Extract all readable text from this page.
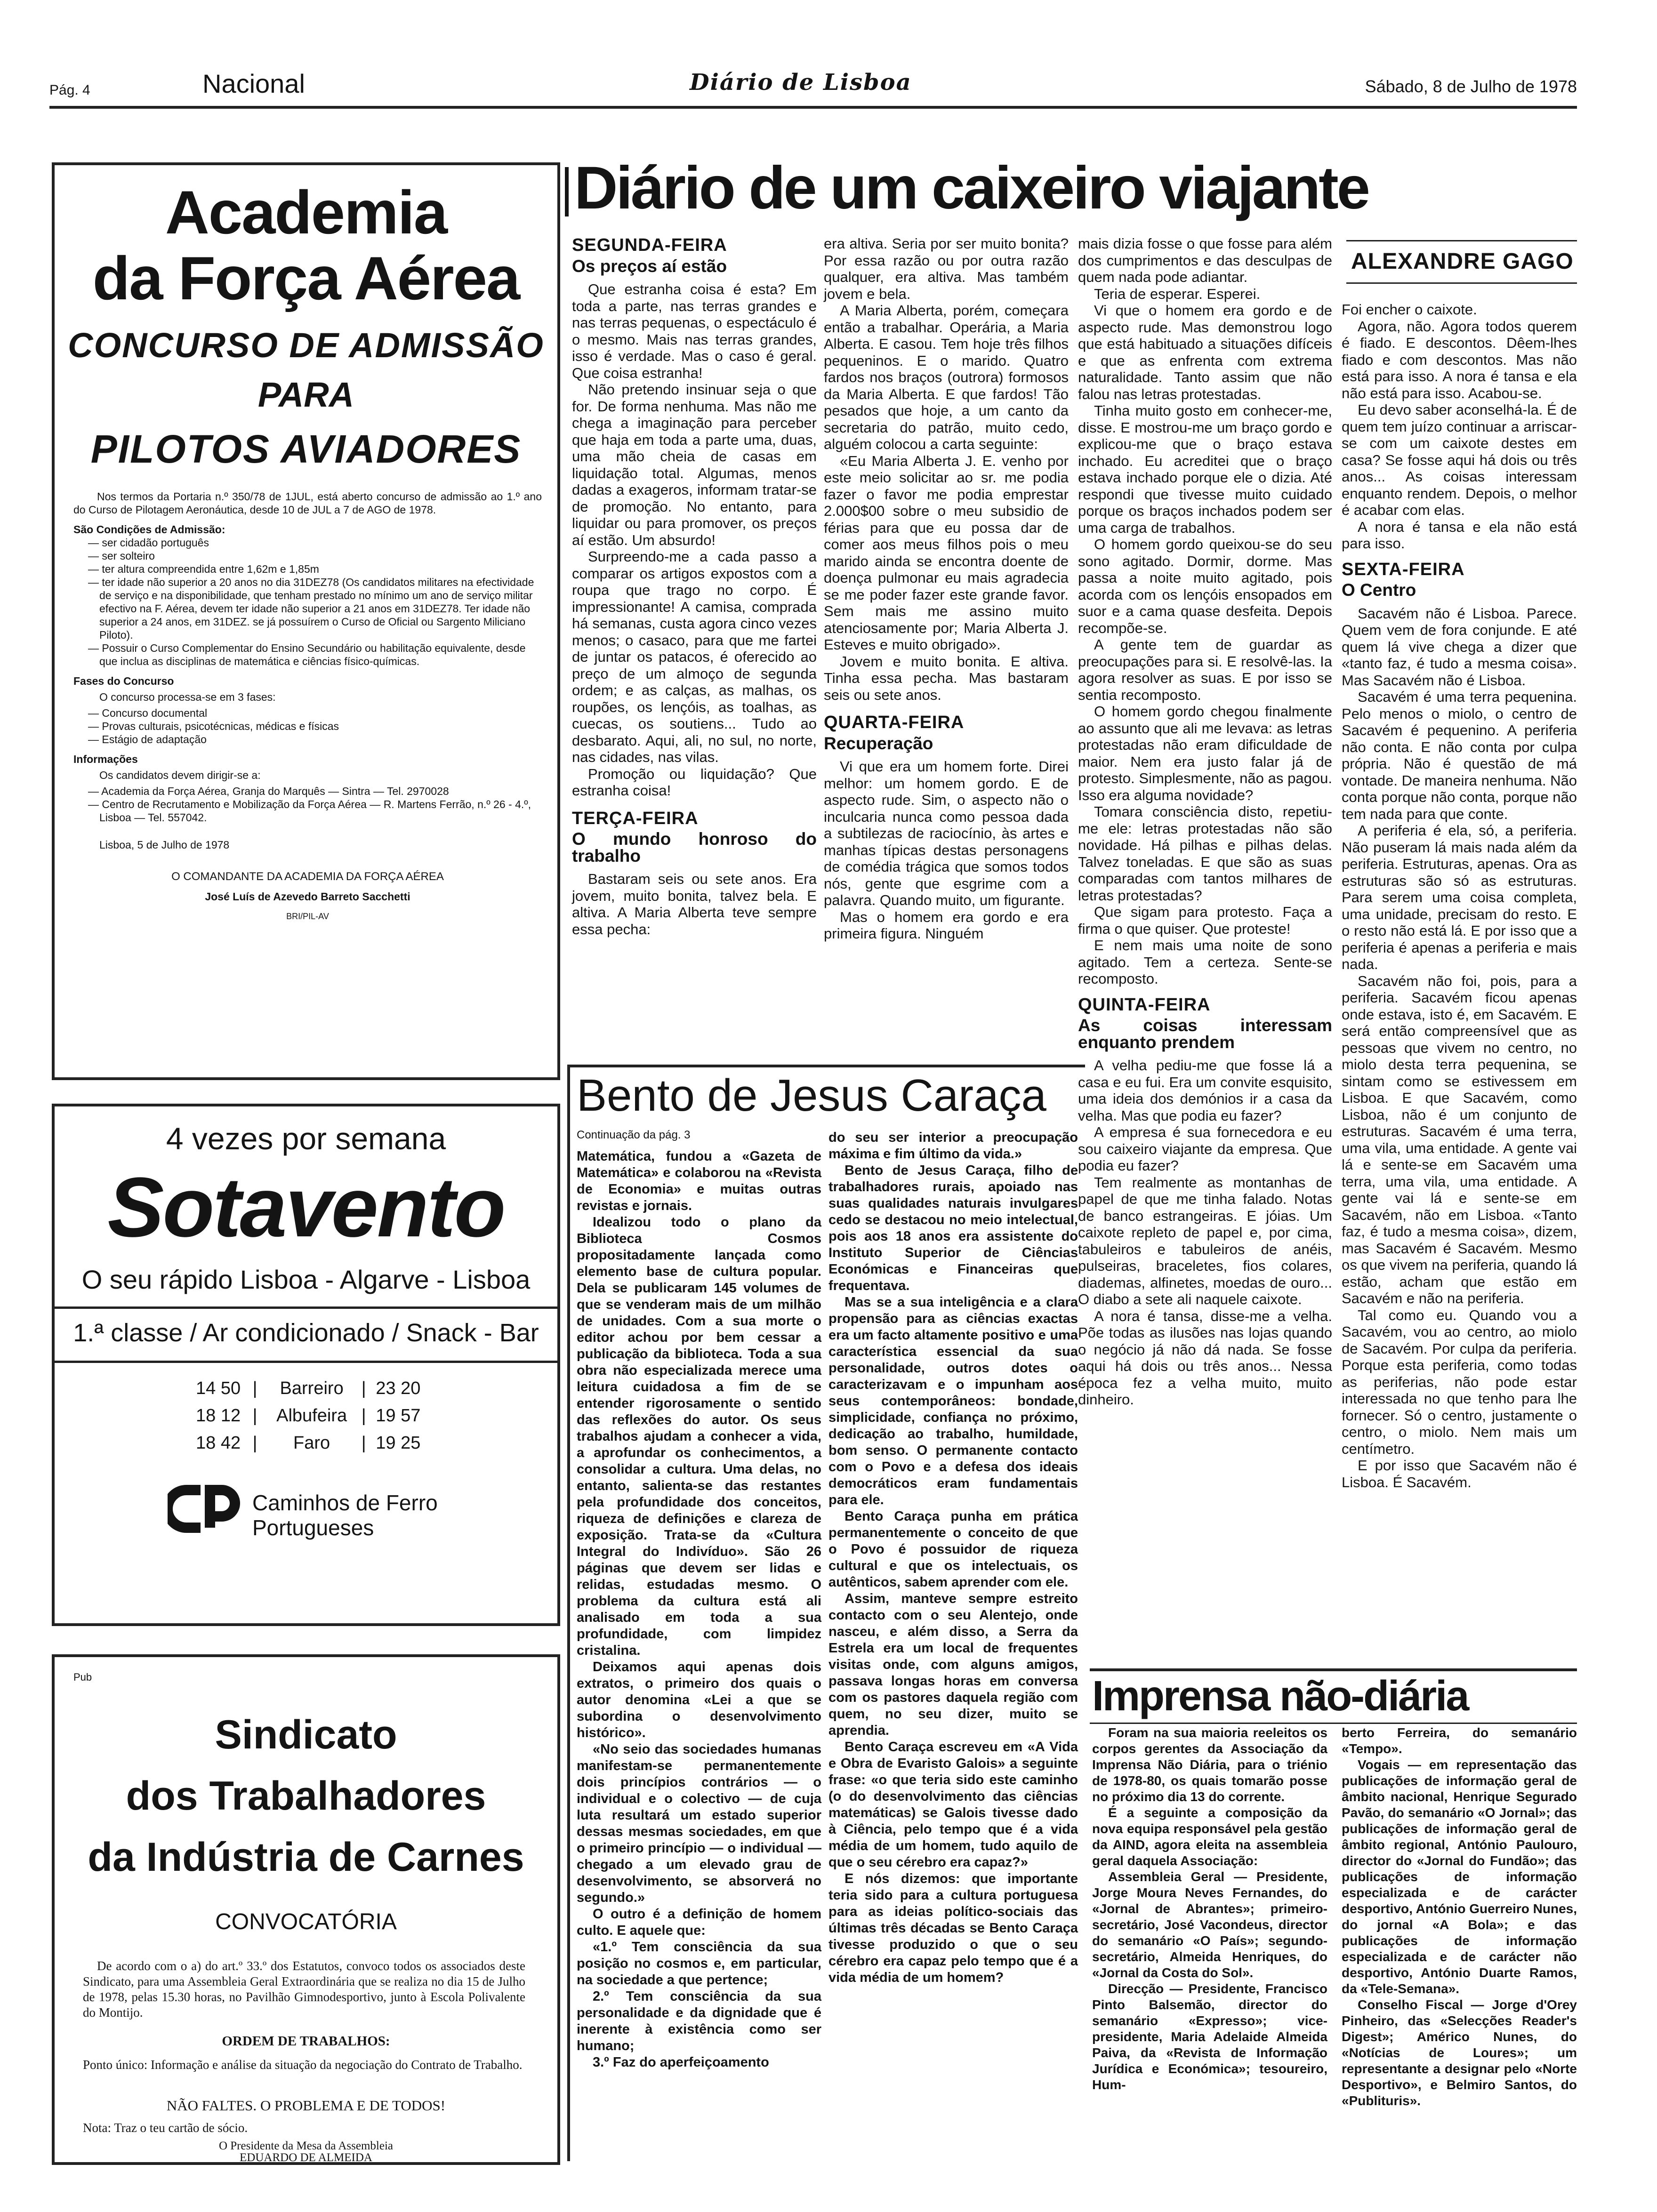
Pág. 4	Nacional	Diário de Lisboa	Sábado, 8 de Julho de 1978
Academia
da Força Aérea
CONCURSO DE ADMISSÃO
PARA
PILOTOS AVIADORES
Nos termos da Portaria n.º 350/78 de 1JUL, está aberto concurso de admissão ao 1.º ano do Curso de Pilotagem Aeronáutica, desde 10 de JUL a 7 de AGO de 1978.
São Condições de Admissão:
— ser cidadão português
— ser solteiro
— ter altura compreendida entre 1,62m e 1,85m
— ter idade não superior a 20 anos no dia 31DEZ78 (Os candidatos militares na efectividade de serviço e na disponibilidade, que tenham prestado no mínimo um ano de serviço militar efectivo na F. Aérea, devem ter idade não superior a 21 anos em 31DEZ78. Ter idade não superior a 24 anos, em 31DEZ. se já possuírem o Curso de Oficial ou Sargento Miliciano Piloto).
— Possuir o Curso Complementar do Ensino Secundário ou habilitação equivalente, desde que inclua as disciplinas de matemática e ciências físico-químicas.
Fases do Concurso
O concurso processa-se em 3 fases:
— Concurso documental
— Provas culturais, psicotécnicas, médicas e físicas
— Estágio de adaptação
Informações
Os candidatos devem dirigir-se a:
— Academia da Força Aérea, Granja do Marquês — Sintra — Tel. 2970028
— Centro de Recrutamento e Mobilização da Força Aérea — R. Martens Ferrão, n.º 26 - 4.º, Lisboa — Tel. 557042.
Lisboa, 5 de Julho de 1978
O COMANDANTE DA ACADEMIA DA FORÇA AÉREA
José Luís de Azevedo Barreto Sacchetti
BRI/PIL-AV
4 vezes por semana
Sotavento
O seu rápido Lisboa - Algarve - Lisboa
1.ª classe / Ar condicionado / Snack - Bar
14 50 | Barreiro | 23 20
18 12 | Albufeira | 19 57
18 42 | Faro | 19 25
Caminhos de Ferro
Portugueses
Pub
Sindicato
dos Trabalhadores
da Indústria de Carnes
CONVOCATÓRIA
De acordo com o a) do art.º 33.º dos Estatutos, convoco todos os associados deste Sindicato, para uma Assembleia Geral Extraordinária que se realiza no dia 15 de Julho de 1978, pelas 15.30 horas, no Pavilhão Gimnodesportivo, junto à Escola Polivalente do Montijo.
ORDEM DE TRABALHOS:
Ponto único: Informação e análise da situação da negociação do Contrato de Trabalho.
NÃO FALTES. O PROBLEMA E DE TODOS!
Nota: Traz o teu cartão de sócio.
O Presidente da Mesa da Assembleia
EDUARDO DE ALMEIDA
Diário de um caixeiro viajante
ALEXANDRE GAGO
SEGUNDA-FEIRA
Os preços aí estão

Que estranha coisa é esta? Em toda a parte, nas terras grandes e nas terras pequenas, o espectáculo é o mesmo. Mais nas terras grandes, isso é verdade. Mas o caso é geral. Que coisa estranha!

Não pretendo insinuar seja o que for. De forma nenhuma. Mas não me chega a imaginação para perceber que haja em toda a parte uma, duas, uma mão cheia de casas em liquidação total. Algumas, menos dadas a exageros, informam tratar-se de promoção. No entanto, para liquidar ou para promover, os preços aí estão. Um absurdo!

Surpreendo-me a cada passo a comparar os artigos expostos com a roupa que trago no corpo. É impressionante! A camisa, comprada há semanas, custa agora cinco vezes menos; o casaco, para que me fartei de juntar os patacos, é oferecido ao preço de um almoço de segunda ordem; e as calças, as malhas, os roupões, os lençóis, as toalhas, as cuecas, os soutiens... Tudo ao desbarato. Aqui, ali, no sul, no norte, nas cidades, nas vilas.

Promoção ou liquidação? Que estranha coisa!

TERÇA-FEIRA
O mundo honroso do trabalho

Bastaram seis ou sete anos. Era jovem, muito bonita, talvez bela. E altiva. A Maria Alberta teve sempre essa pecha:

era altiva. Seria por ser muito bonita? Por essa razão ou por outra razão qualquer, era altiva. Mas também jovem e bela.

A Maria Alberta, porém, começara então a trabalhar. Operária, a Maria Alberta. E casou. Tem hoje três filhos pequeninos. E o marido. Quatro fardos nos braços (outrora) formosos da Maria Alberta. E que fardos! Tão pesados que hoje, a um canto da secretaria do patrão, muito cedo, alguém colocou a carta seguinte:

«Eu Maria Alberta J. E. venho por este meio solicitar ao sr. me podia fazer o favor me podia emprestar 2.000$00 sobre o meu subsidio de férias para que eu possa dar de comer aos meus filhos pois o meu marido ainda se encontra doente de doença pulmonar eu mais agradecia se me poder fazer este grande favor. Sem mais me assino muito atenciosamente por; Maria Alberta J. Esteves e muito obrigado».

Jovem e muito bonita. E altiva. Tinha essa pecha. Mas bastaram seis ou sete anos.

QUARTA-FEIRA
Recuperação

Vi que era um homem forte. Direi melhor: um homem gordo. E de aspecto rude. Sim, o aspecto não o inculcaria nunca como pessoa dada a subtilezas de raciocínio, às artes e manhas típicas destas personagens de comédia trágica que somos todos nós, gente que esgrime com a palavra. Quando muito, um figurante.

Mas o homem era gordo e era primeira figura. Ninguém

mais dizia fosse o que fosse para além dos cumprimentos e das desculpas de quem nada pode adiantar.

Teria de esperar. Esperei.

Vi que o homem era gordo e de aspecto rude. Mas demonstrou logo que está habituado a situações difíceis e que as enfrenta com extrema naturalidade. Tanto assim que não falou nas letras protestadas.

Tinha muito gosto em conhecer-me, disse. E mostrou-me um braço gordo e explicou-me que o braço estava inchado. Eu acreditei que o braço estava inchado porque ele o dizia. Até respondi que tivesse muito cuidado porque os braços inchados podem ser uma carga de trabalhos.

O homem gordo queixou-se do seu sono agitado. Dormir, dorme. Mas passa a noite muito agitado, pois acorda com os lençóis ensopados em suor e a cama quase desfeita. Depois recompõe-se.

A gente tem de guardar as preocupações para si. E resolvê-las. Ia agora resolver as suas. E por isso se sentia recomposto.

O homem gordo chegou finalmente ao assunto que ali me levava: as letras protestadas não eram dificuldade de maior. Nem era justo falar já de protesto. Simplesmente, não as pagou. Isso era alguma novidade?

Tomara consciência disto, repetiu-me ele: letras protestadas não são novidade. Há pilhas e pilhas delas. Talvez toneladas. E que são as suas comparadas com tantos milhares de letras protestadas?

Que sigam para protesto. Faça a firma o que quiser. Que proteste!

E nem mais uma noite de sono agitado. Tem a certeza. Sente-se recomposto.

QUINTA-FEIRA
As coisas interessam enquanto prendem

A velha pediu-me que fosse lá a casa e eu fui. Era um convite esquisito, uma ideia dos demónios ir a casa da velha. Mas que podia eu fazer?

A empresa é sua fornecedora e eu sou caixeiro viajante da empresa. Que podia eu fazer?

Tem realmente as montanhas de papel de que me tinha falado. Notas de banco estrangeiras. E jóias. Um caixote repleto de papel e, por cima, tabuleiros e tabuleiros de anéis, pulseiras, braceletes, fios colares, diademas, alfinetes, moedas de ouro... O diabo a sete ali naquele caixote.

A nora é tansa, disse-me a velha. Põe todas as ilusões nas lojas quando o negócio já não dá nada. Se fosse aqui há dois ou três anos... Nessa época fez a velha muito, muito dinheiro.

Foi encher o caixote.

Agora, não. Agora todos querem é fiado. E descontos. Dêem-lhes fiado e com descontos. Mas não está para isso. A nora é tansa e ela não está para isso. Acabou-se.

Eu devo saber aconselhá-la. É de quem tem juízo continuar a arriscar-se com um caixote destes em casa? Se fosse aqui há dois ou três anos... As coisas interessam enquanto rendem. Depois, o melhor é acabar com elas.

A nora é tansa e ela não está para isso.

SEXTA-FEIRA
O Centro

Sacavém não é Lisboa. Parece. Quem vem de fora conjunde. E até quem lá vive chega a dizer que «tanto faz, é tudo a mesma coisa». Mas Sacavém não é Lisboa.

Sacavém é uma terra pequenina. Pelo menos o miolo, o centro de Sacavém é pequenino. A periferia não conta. E não conta por culpa própria. Não é questão de má vontade. De maneira nenhuma. Não conta porque não conta, porque não tem nada para que conte.

A periferia é ela, só, a periferia. Não puseram lá mais nada além da periferia. Estruturas, apenas. Ora as estruturas são só as estruturas. Para serem uma coisa completa, uma unidade, precisam do resto. E o resto não está lá. E por isso que a periferia é apenas a periferia e mais nada.

Sacavém não foi, pois, para a periferia. Sacavém ficou apenas onde estava, isto é, em Sacavém. E será então compreensível que as pessoas que vivem no centro, no miolo desta terra pequenina, se sintam como se estivessem em Lisboa. E que Sacavém, como Lisboa, não é um conjunto de estruturas. Sacavém é uma terra, uma vila, uma entidade. A gente vai lá e sente-se em Sacavém uma terra, uma vila, uma entidade. A gente vai lá e sente-se em Sacavém, não em Lisboa. «Tanto faz, é tudo a mesma coisa», dizem, mas Sacavém é Sacavém. Mesmo os que vivem na periferia, quando lá estão, acham que estão em Sacavém e não na periferia.

Tal como eu. Quando vou a Sacavém, vou ao centro, ao miolo de Sacavém. Por culpa da periferia. Porque esta periferia, como todas as periferias, não pode estar interessada no que tenho para lhe fornecer. Só o centro, justamente o centro, o miolo. Nem mais um centímetro.

E por isso que Sacavém não é Lisboa. É Sacavém.

Bento de Jesus Caraça
Continuação da pág. 3

Matemática, fundou a «Gazeta de Matemática» e colaborou na «Revista de Economia» e muitas outras revistas e jornais.

Idealizou todo o plano da Biblioteca Cosmos propositadamente lançada como elemento base de cultura popular. Dela se publicaram 145 volumes de que se venderam mais de um milhão de unidades. Com a sua morte o editor achou por bem cessar a publicação da biblioteca. Toda a sua obra não especializada merece uma leitura cuidadosa a fim de se entender rigorosamente o sentido das reflexões do autor. Os seus trabalhos ajudam a conhecer a vida, a aprofundar os conhecimentos, a consolidar a cultura. Uma delas, no entanto, salienta-se das restantes pela profundidade dos conceitos, riqueza de definições e clareza de exposição. Trata-se da «Cultura Integral do Indivíduo». São 26 páginas que devem ser lidas e relidas, estudadas mesmo. O problema da cultura está ali analisado em toda a sua profundidade, com limpidez cristalina.

Deixamos aqui apenas dois extratos, o primeiro dos quais o autor denomina «Lei a que se subordina o desenvolvimento histórico».

«No seio das sociedades humanas manifestam-se permanentemente dois princípios contrários — o individual e o colectivo — de cuja luta resultará um estado superior dessas mesmas sociedades, em que o primeiro princípio — o individual — chegado a um elevado grau de desenvolvimento, se absorverá no segundo.»

O outro é a definição de homem culto. E aquele que:

«1.º Tem consciência da sua posição no cosmos e, em particular, na sociedade a que pertence;

2.º Tem consciência da sua personalidade e da dignidade que é inerente à existência como ser humano;

3.º Faz do aperfeiçoamento

do seu ser interior a preocupação máxima e fim último da vida.»

Bento de Jesus Caraça, filho de trabalhadores rurais, apoiado nas suas qualidades naturais invulgares cedo se destacou no meio intelectual, pois aos 18 anos era assistente do Instituto Superior de Ciências Económicas e Financeiras que frequentava.

Mas se a sua inteligência e a clara propensão para as ciências exactas era um facto altamente positivo e uma característica essencial da sua personalidade, outros dotes o caracterizavam e o impunham aos seus contemporâneos: bondade, simplicidade, confiança no próximo, dedicação ao trabalho, humildade, bom senso. O permanente contacto com o Povo e a defesa dos ideais democráticos eram fundamentais para ele.

Bento Caraça punha em prática permanentemente o conceito de que o Povo é possuidor de riqueza cultural e que os intelectuais, os autênticos, sabem aprender com ele.

Assim, manteve sempre estreito contacto com o seu Alentejo, onde nasceu, e além disso, a Serra da Estrela era um local de frequentes visitas onde, com alguns amigos, passava longas horas em conversa com os pastores daquela região com quem, no seu dizer, muito se aprendia.

Bento Caraça escreveu em «A Vida e Obra de Evaristo Galois» a seguinte frase: «o que teria sido este caminho (o do desenvolvimento das ciências matemáticas) se Galois tivesse dado à Ciência, pelo tempo que é a vida média de um homem, tudo aquilo de que o seu cérebro era capaz?»

E nós dizemos: que importante teria sido para a cultura portuguesa para as ideias político-sociais das últimas três décadas se Bento Caraça tivesse produzido o que o seu cérebro era capaz pelo tempo que é a vida média de um homem?

Imprensa não-diária

Foram na sua maioria reeleitos os corpos gerentes da Associação da Imprensa Não Diária, para o triénio de 1978-80, os quais tomarão posse no próximo dia 13 do corrente.

É a seguinte a composição da nova equipa responsável pela gestão da AIND, agora eleita na assembleia geral daquela Associação:

Assembleia Geral — Presidente, Jorge Moura Neves Fernandes, do «Jornal de Abrantes»; primeiro-secretário, José Vacondeus, director do semanário «O País»; segundo-secretário, Almeida Henriques, do «Jornal da Costa do Sol».

Direcção — Presidente, Francisco Pinto Balsemão, director do semanário «Expresso»; vice-presidente, Maria Adelaide Almeida Paiva, da «Revista de Informação Jurídica e Económica»; tesoureiro, Hum-

berto Ferreira, do semanário «Tempo».

Vogais — em representação das publicações de informação geral de âmbito nacional, Henrique Segurado Pavão, do semanário «O Jornal»; das publicações de informação geral de âmbito regional, António Paulouro, director do «Jornal do Fundão»; das publicações de informação especializada e de carácter desportivo, António Guerreiro Nunes, do jornal «A Bola»; e das publicações de informação especializada e de carácter não desportivo, António Duarte Ramos, da «Tele-Semana».

Conselho Fiscal — Jorge d'Orey Pinheiro, das «Selecções Reader's Digest»; Américo Nunes, do «Notícias de Loures»; um representante a designar pelo «Norte Desportivo», e Belmiro Santos, do «Publituris».
